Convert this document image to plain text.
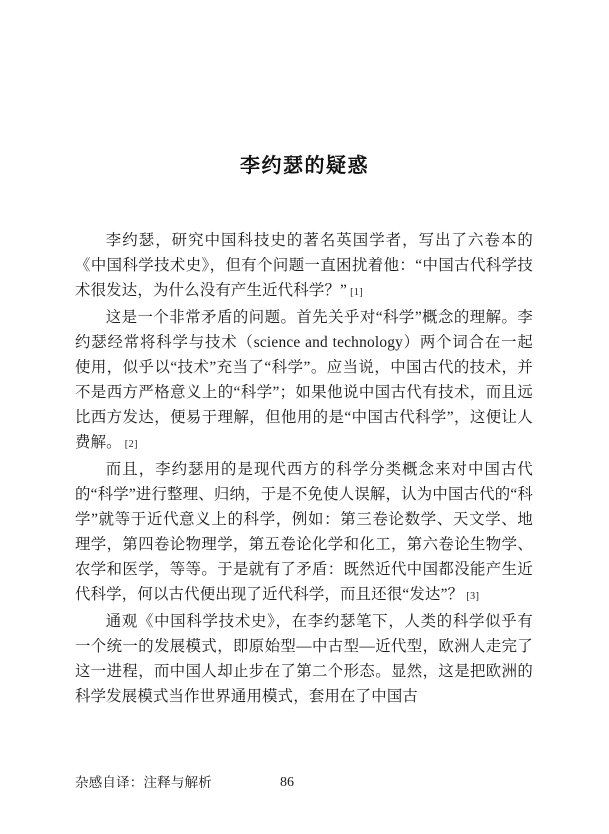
李约瑟的疑惑

李约瑟，研究中国科技史的著名英国学者，写出了六卷本的《中国科学技术史》，但有个问题一直困扰着他：“中国古代科学技术很发达，为什么没有产生近代科学？” [1]

这是一个非常矛盾的问题。首先关乎对“科学”概念的理解。李约瑟经常将科学与技术（science and technology）两个词合在一起使用，似乎以“技术”充当了“科学”。应当说，中国古代的技术，并不是西方严格意义上的“科学”；如果他说中国古代有技术，而且远比西方发达，便易于理解，但他用的是“中国古代科学”，这便让人费解。 [2]

而且，李约瑟用的是现代西方的科学分类概念来对中国古代的“科学”进行整理、归纳，于是不免使人误解，认为中国古代的“科学”就等于近代意义上的科学，例如：第三卷论数学、天文学、地理学，第四卷论物理学，第五卷论化学和化工，第六卷论生物学、农学和医学，等等。于是就有了矛盾：既然近代中国都没能产生近代科学，何以古代便出现了近代科学，而且还很“发达”？ [3]

通观《中国科学技术史》，在李约瑟笔下，人类的科学似乎有一个统一的发展模式，即原始型—中古型—近代型，欧洲人走完了这一进程，而中国人却止步在了第二个形态。显然，这是把欧洲的科学发展模式当作世界通用模式，套用在了中国古

杂感自译：注释与解析	86
